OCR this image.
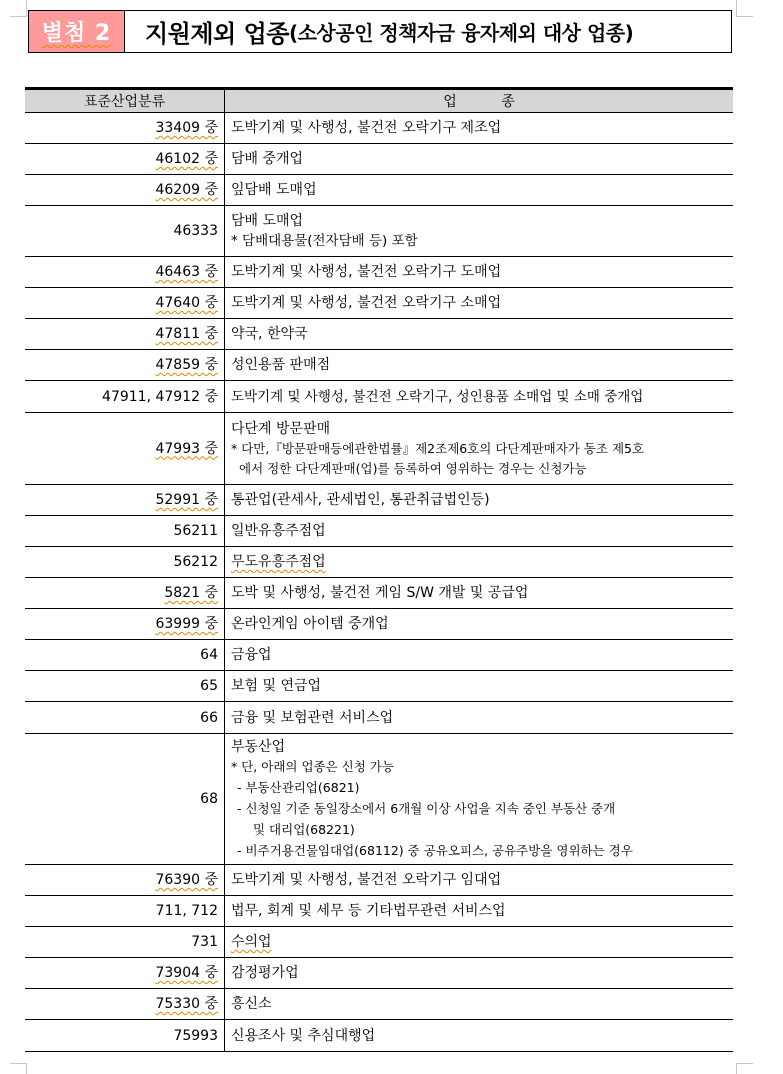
별첨 2 지원제외 업종 (소상공인 정책자금 융자제외 대상 업종)
표준산업분류	업          종
33409 중	도박기계 및 사행성, 불건전 오락기구 제조업
46102 중	담배 중개업
46209 중	잎담배 도매업
46333	담배 도매업
* 담배대용물(전자담배 등) 포함

46463 중	도박기계 및 사행성, 불건전 오락기구 도매업
47640 중	도박기계 및 사행성, 불건전 오락기구 소매업
47811 중	약국, 한약국
47859 중	성인용품 판매점
47911, 47912 중	도박기계 및 사행성, 불건전 오락기구, 성인용품 소매업 및 소매 중개업
47993 중	다단계 방문판매
* 다만,『방문판매등에관한법률』제2조제6호의 다단계판매자가 동조 제5호
에서 정한 다단계판매(업)를 등록하여 영위하는 경우는 신청가능

52991 중	통관업(관세사, 관세법인, 통관취급법인등)
56211	일반유흥주점업
56212	무도유흥주점업
5821 중	도박 및 사행성, 불건전 게임 S/W 개발 및 공급업
63999 중	온라인게임 아이템 중개업
64	금융업
65	보험 및 연금업
66	금융 및 보험관련 서비스업
68	
부동산업
* 단, 아래의 업종은 신청 가능
- 부동산관리업(6821)
- 신청일 기준 동일장소에서 6개월 이상 사업을 지속 중인 부동산 중개
및 대리업(68221)
- 비주거용건물임대업(68112) 중 공유오피스, 공유주방을 영위하는 경우

76390 중	도박기계 및 사행성, 불건전 오락기구 임대업
711, 712	법무, 회계 및 세무 등 기타법무관련 서비스업
731	수의업
73904 중	감정평가업
75330 중	흥신소
75993	신용조사 및 추심대행업
